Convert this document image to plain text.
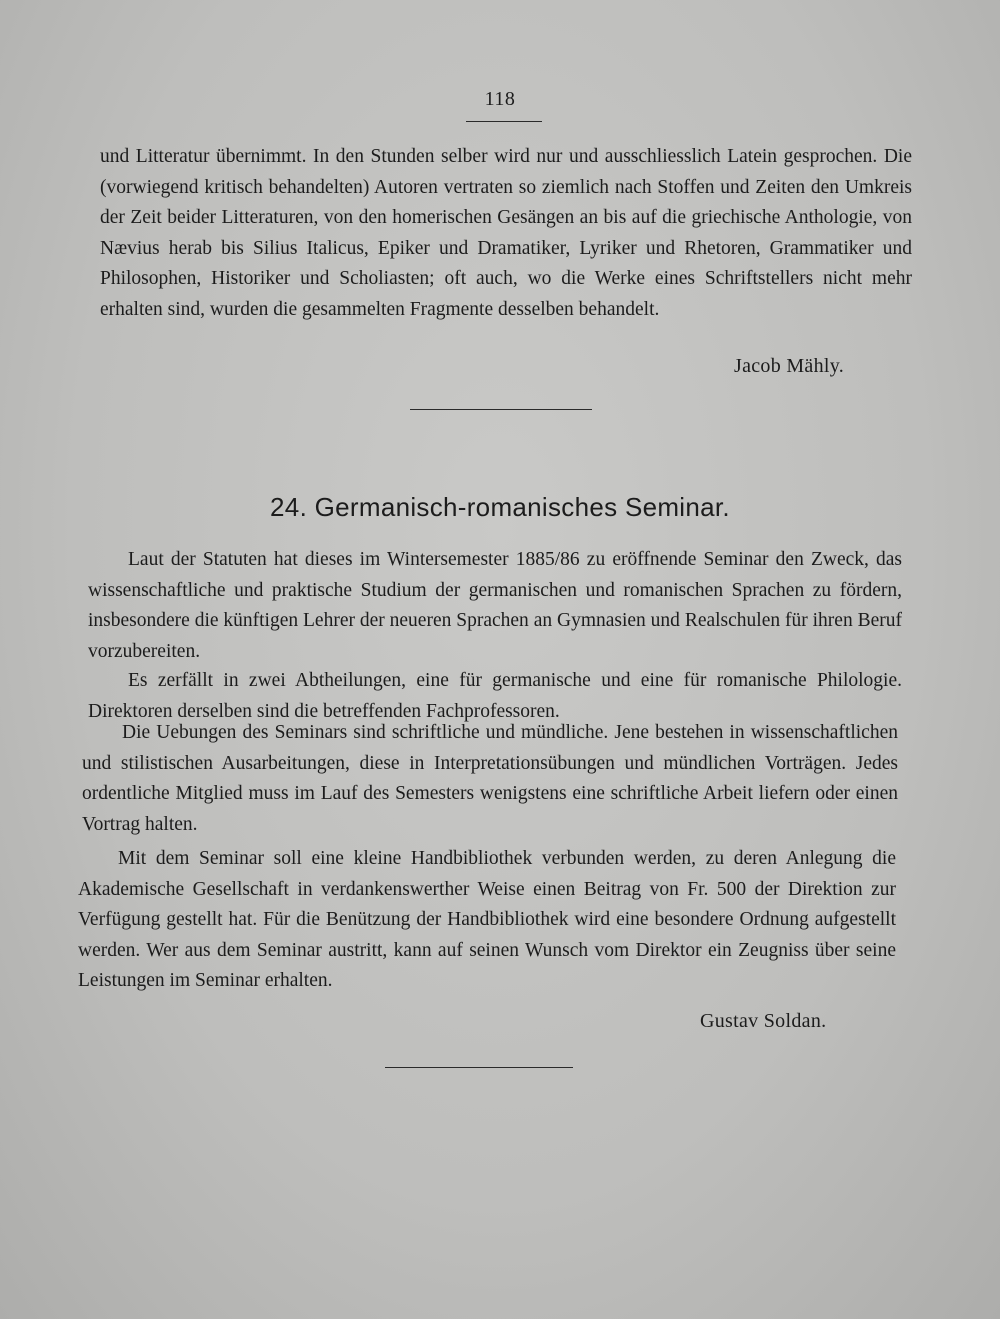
118

und Litteratur übernimmt. In den Stunden selber wird nur und ausschliesslich Latein gesprochen. Die (vorwiegend kritisch behandelten) Autoren vertraten so ziemlich nach Stoffen und Zeiten den Umkreis der Zeit beider Litteraturen, von den homerischen Gesängen an bis auf die griechische Anthologie, von Nævius herab bis Silius Italicus, Epiker und Dramatiker, Lyriker und Rhetoren, Grammatiker und Philosophen, Historiker und Scholiasten; oft auch, wo die Werke eines Schriftstellers nicht mehr erhalten sind, wurden die gesammelten Fragmente desselben behandelt.

Jacob Mähly.
24. Germanisch-romanisches Seminar.

Laut der Statuten hat dieses im Wintersemester 1885/86 zu eröffnende Seminar den Zweck, das wissenschaftliche und praktische Studium der germanischen und romanischen Sprachen zu fördern, insbesondere die künftigen Lehrer der neueren Sprachen an Gymnasien und Realschulen für ihren Beruf vorzubereiten.

Es zerfällt in zwei Abtheilungen, eine für germanische und eine für romanische Philologie. Direktoren derselben sind die betreffenden Fachprofessoren.

Die Uebungen des Seminars sind schriftliche und mündliche. Jene bestehen in wissenschaftlichen und stilistischen Ausarbeitungen, diese in Interpretationsübungen und mündlichen Vorträgen. Jedes ordentliche Mitglied muss im Lauf des Semesters wenigstens eine schriftliche Arbeit liefern oder einen Vortrag halten.

Mit dem Seminar soll eine kleine Handbibliothek verbunden werden, zu deren Anlegung die Akademische Gesellschaft in verdankenswerther Weise einen Beitrag von Fr. 500 der Direktion zur Verfügung gestellt hat. Für die Benützung der Handbibliothek wird eine besondere Ordnung aufgestellt werden. Wer aus dem Seminar austritt, kann auf seinen Wunsch vom Direktor ein Zeugniss über seine Leistungen im Seminar erhalten.

Gustav Soldan.
